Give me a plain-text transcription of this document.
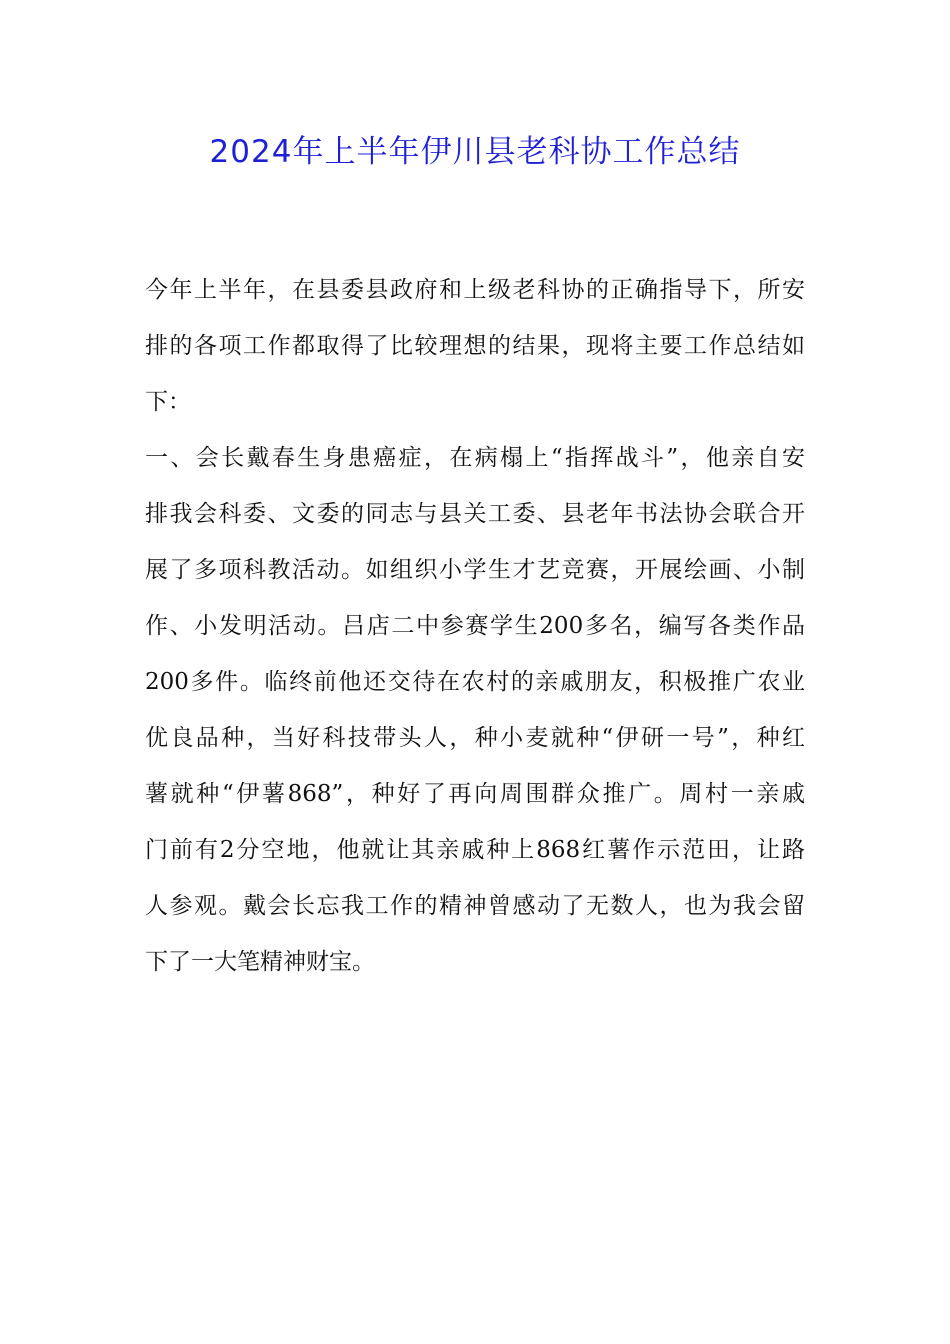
2024年上半年伊川县老科协工作总结
今年上半年，在县委县政府和上级老科协的正确指导下，所安
排的各项工作都取得了比较理想的结果，现将主要工作总结如
下：
一、会长戴春生身患癌症，在病榻上“指挥战斗”，他亲自安
排我会科委、文委的同志与县关工委、县老年书法协会联合开
展了多项科教活动。如组织小学生才艺竞赛，开展绘画、小制
作、小发明活动。吕店二中参赛学生200多名，编写各类作品
200多件。临终前他还交待在农村的亲戚朋友，积极推广农业
优良品种，当好科技带头人，种小麦就种“伊研一号”，种红
薯就种“伊薯868”，种好了再向周围群众推广。周村一亲戚
门前有2分空地，他就让其亲戚种上868红薯作示范田，让路
人参观。戴会长忘我工作的精神曾感动了无数人，也为我会留
下了一大笔精神财宝。
